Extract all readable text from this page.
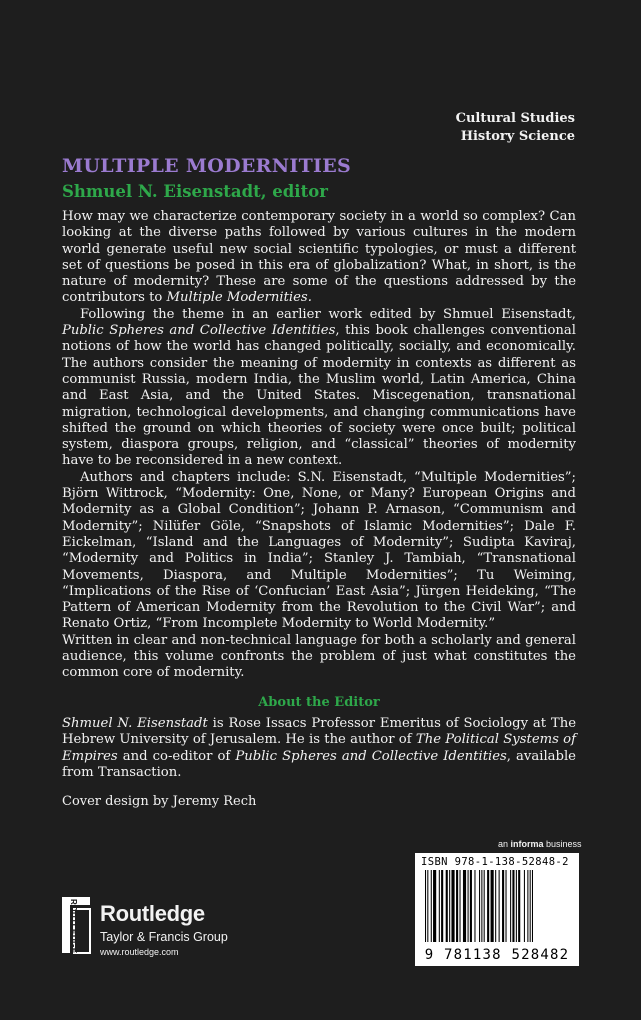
Cultural Studies
History Science
MULTIPLE MODERNITIES
Shmuel N. Eisenstadt, editor

How may we characterize contemporary society in a world so complex? Can looking at the diverse paths followed by various cultures in the modern world generate useful new social scientific typologies, or must a different set of questions be posed in this era of globalization? What, in short, is the nature of modernity? These are some of the questions addressed by the contributors to Multiple Modernities.

Following the theme in an earlier work edited by Shmuel Eisenstadt, Public Spheres and Collective Identities, this book challenges conventional notions of how the world has changed politically, socially, and economically. The authors consider the meaning of modernity in contexts as different as communist Russia, modern India, the Muslim world, Latin America, China and East Asia, and the United States. Miscegenation, transnational migration, technological developments, and changing communications have shifted the ground on which theories of society were once built; political system, diaspora groups, religion, and “classical” theories of modernity have to be reconsidered in a new context.

Authors and chapters include: S.N. Eisenstadt, “Multiple Modernities”; Björn Wittrock, “Modernity: One, None, or Many? European Origins and Modernity as a Global Condition”; Johann P. Arnason, “Communism and Modernity”; Nilüfer Göle, “Snapshots of Islamic Modernities”; Dale F. Eickelman, “Island and the Languages of Modernity”; Sudipta Kaviraj, “Modernity and Politics in India”; Stanley J. Tambiah, “Transnational Movements, Diaspora, and Multiple Modernities”; Tu Weiming, “Implications of the Rise of ‘Confucian’ East Asia”; Jürgen Heideking, “The Pattern of American Modernity from the Revolution to the Civil War”; and Renato Ortiz, “From Incomplete Modernity to World Modernity.”

Written in clear and non-technical language for both a scholarly and general audience, this volume confronts the problem of just what constitutes the common core of modernity.

About the Editor

Shmuel N. Eisenstadt is Rose Issacs Professor Emeritus of Sociology at The Hebrew University of Jerusalem. He is the author of The Political Systems of Empires and co-editor of Public Spheres and Collective Identities, available from Transaction.

Cover design by Jeremy Rech
an informa business
ISBN 978-1-138-52848-2
9 781138 528482
ROUTLEDGE Routledge
Taylor & Francis Group
www.routledge.com
